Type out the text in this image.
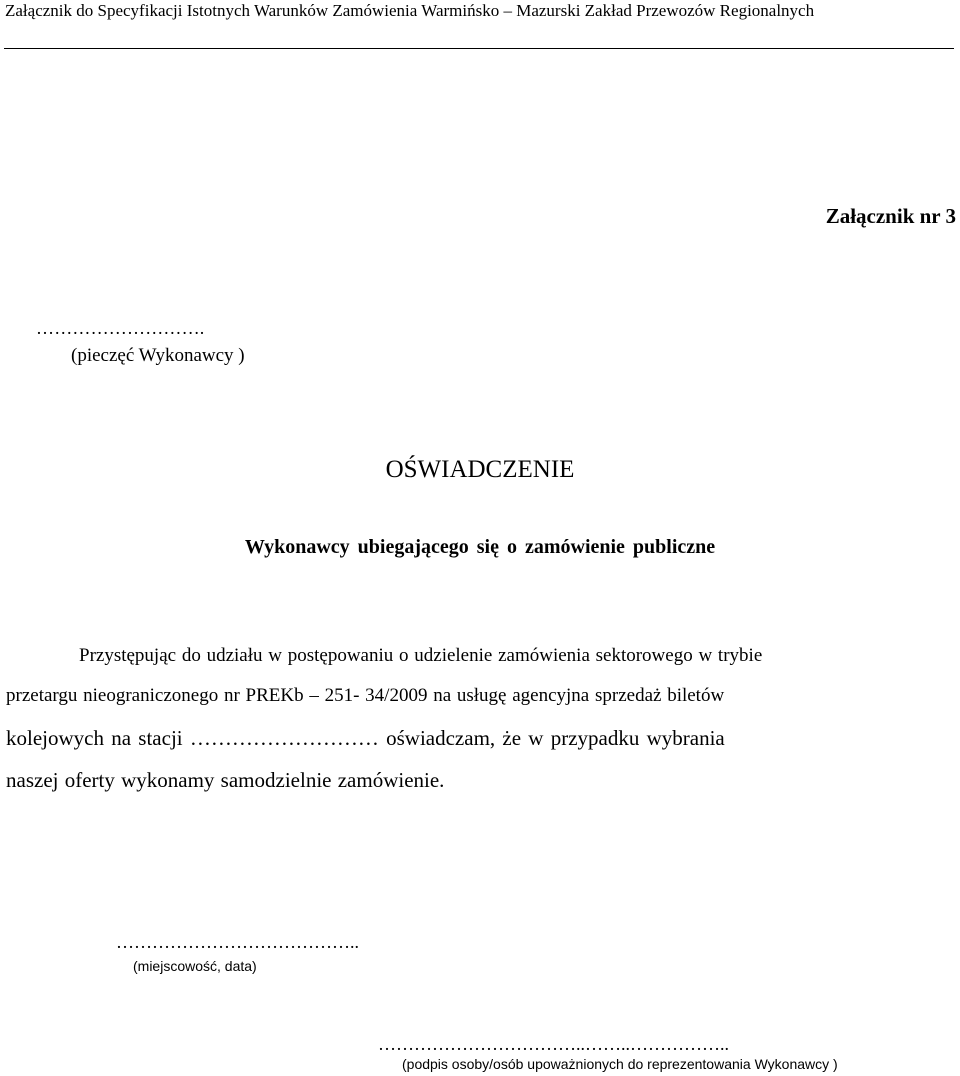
Załącznik do Specyfikacji Istotnych Warunków Zamówienia Warmińsko – Mazurski Zakład Przewozów Regionalnych
Załącznik nr 3
……………………….
(pieczęć Wykonawcy )
OŚWIADCZENIE
Wykonawcy ubiegającego się o zamówienie publiczne
Przystępując do udziału w postępowaniu o udzielenie zamówienia sektorowego w trybie
przetargu nieograniczonego nr PREKb – 251- 34/2009 na usługę agencyjna sprzedaż biletów
kolejowych na stacji ……………………… oświadczam, że w przypadku wybrania
naszej oferty wykonamy samodzielnie zamówienie.
…………………………………..
(miejscowość, data)
……………………………..……..……………..
(podpis osoby/osób upoważnionych do reprezentowania Wykonawcy )
